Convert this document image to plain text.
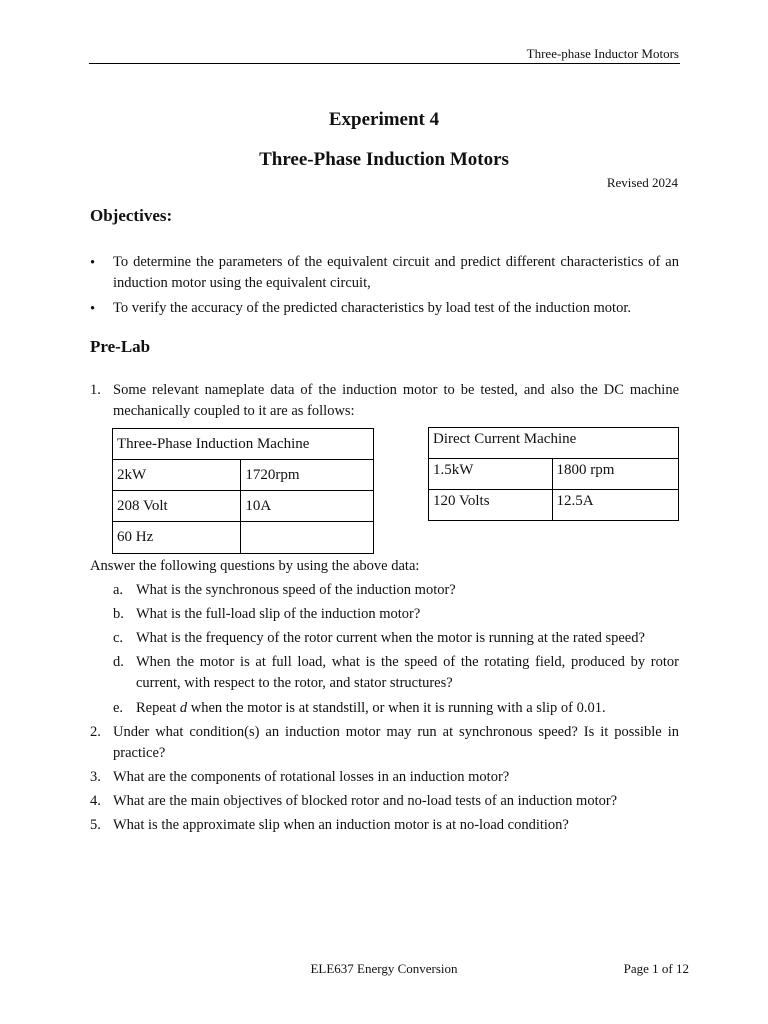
Three-phase Inductor Motors
Experiment 4
Three-Phase Induction Motors
Revised 2024
Objectives:
• To determine the parameters of the equivalent circuit and predict different characteristics of an induction motor using the equivalent circuit,
• To verify the accuracy of the predicted characteristics by load test of the induction motor.
Pre-Lab
1. Some relevant nameplate data of the induction motor to be tested, and also the DC machine mechanically coupled to it are as follows:
Three-Phase Induction Machine	
2kW	1720rpm
208 Volt	10A
60 Hz	
Direct Current Machine	
1.5kW	1800 rpm
120 Volts	12.5A
Answer the following questions by using the above data:
a. What is the synchronous speed of the induction motor?
b. What is the full-load slip of the induction motor?
c. What is the frequency of the rotor current when the motor is running at the rated speed?
d. When the motor is at full load, what is the speed of the rotating field, produced by rotor current, with respect to the rotor, and stator structures?
e. Repeat d when the motor is at standstill, or when it is running with a slip of 0.01.
2. Under what condition(s) an induction motor may run at synchronous speed? Is it possible in practice?
3. What are the components of rotational losses in an induction motor?
4. What are the main objectives of blocked rotor and no-load tests of an induction motor?
5. What is the approximate slip when an induction motor is at no-load condition?
ELE637 Energy Conversion	Page 1 of 12
